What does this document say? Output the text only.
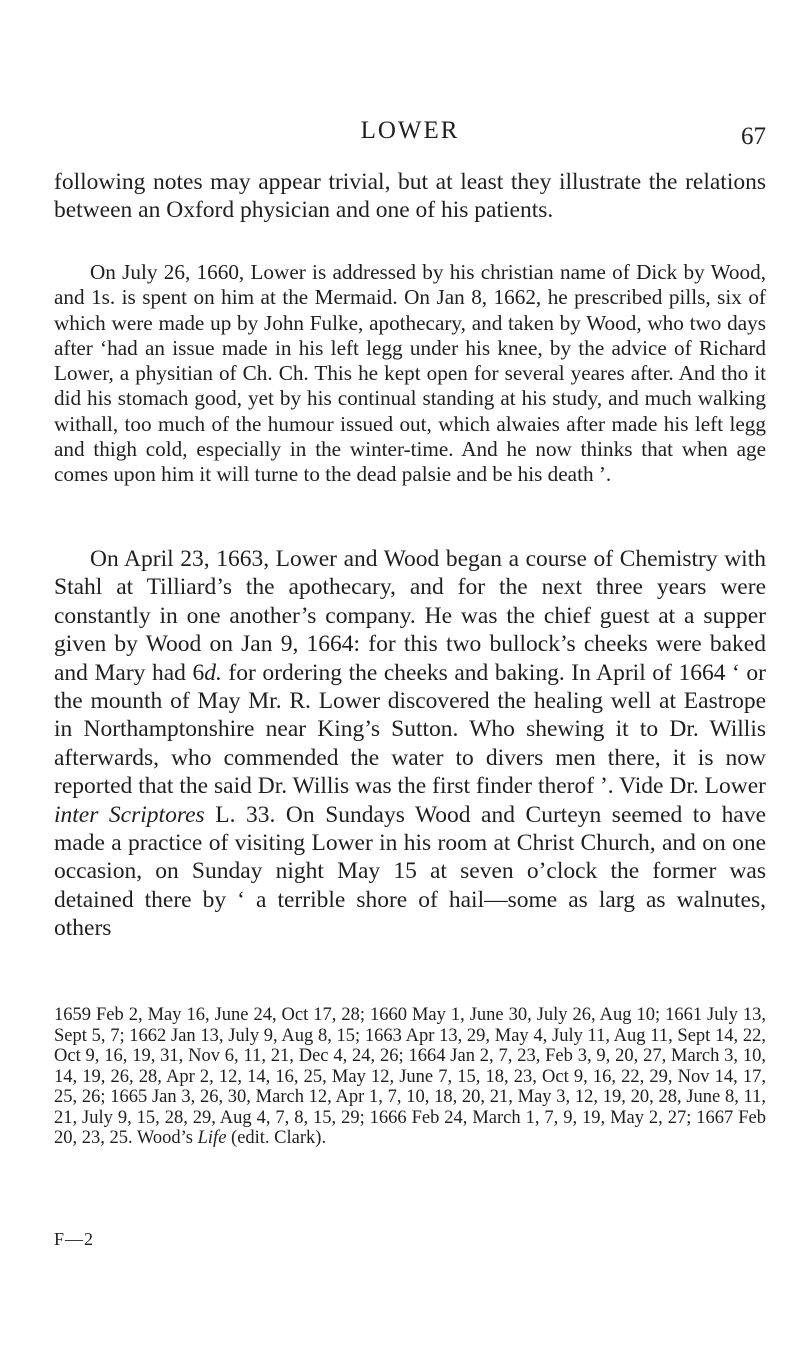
LOWER	67

following notes may appear trivial, but at least they illustrate the relations between an Oxford physician and one of his patients.

On July 26, 1660, Lower is addressed by his christian name of Dick by Wood, and 1s. is spent on him at the Mermaid. On Jan 8, 1662, he prescribed pills, six of which were made up by John Fulke, apothecary, and taken by Wood, who two days after ‘had an issue made in his left legg under his knee, by the advice of Richard Lower, a physitian of Ch. Ch. This he kept open for several yeares after. And tho it did his stomach good, yet by his continual standing at his study, and much walking withall, too much of the humour issued out, which alwaies after made his left legg and thigh cold, especially in the winter-time. And he now thinks that when age comes upon him it will turne to the dead palsie and be his death ’.

On April 23, 1663, Lower and Wood began a course of Chemistry with Stahl at Tilliard’s the apothecary, and for the next three years were constantly in one another’s company. He was the chief guest at a supper given by Wood on Jan 9, 1664: for this two bullock’s cheeks were baked and Mary had 6d. for ordering the cheeks and baking. In April of 1664 ‘ or the mounth of May Mr. R. Lower discovered the healing well at Eastrope in Northamptonshire near King’s Sutton. Who shewing it to Dr. Willis afterwards, who commended the water to divers men there, it is now reported that the said Dr. Willis was the first finder therof ’. Vide Dr. Lower inter Scriptores L. 33. On Sundays Wood and Curteyn seemed to have made a practice of visiting Lower in his room at Christ Church, and on one occasion, on Sunday night May 15 at seven o’clock the former was detained there by ‘ a terrible shore of hail—some as larg as walnutes, others

1659 Feb 2, May 16, June 24, Oct 17, 28; 1660 May 1, June 30, July 26, Aug 10; 1661 July 13, Sept 5, 7; 1662 Jan 13, July 9, Aug 8, 15; 1663 Apr 13, 29, May 4, July 11, Aug 11, Sept 14, 22, Oct 9, 16, 19, 31, Nov 6, 11, 21, Dec 4, 24, 26; 1664 Jan 2, 7, 23, Feb 3, 9, 20, 27, March 3, 10, 14, 19, 26, 28, Apr 2, 12, 14, 16, 25, May 12, June 7, 15, 18, 23, Oct 9, 16, 22, 29, Nov 14, 17, 25, 26; 1665 Jan 3, 26, 30, March 12, Apr 1, 7, 10, 18, 20, 21, May 3, 12, 19, 20, 28, June 8, 11, 21, July 9, 15, 28, 29, Aug 4, 7, 8, 15, 29; 1666 Feb 24, March 1, 7, 9, 19, May 2, 27; 1667 Feb 20, 23, 25. Wood’s Life (edit. Clark).

F—2
